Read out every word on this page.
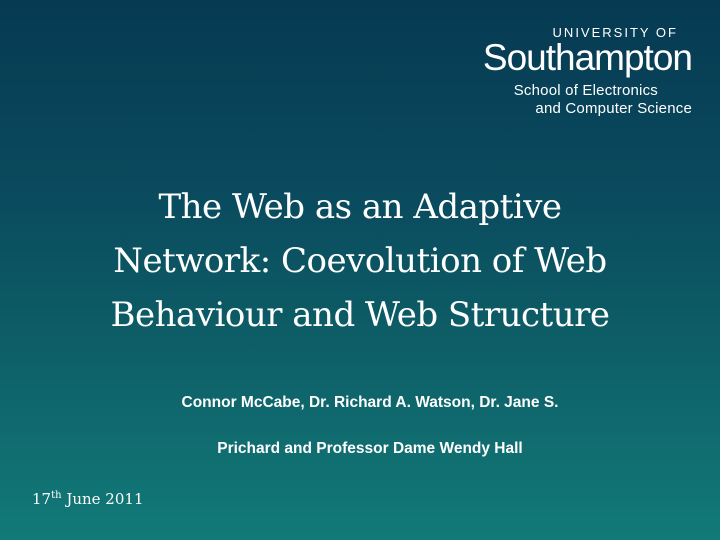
UNIVERSITY OF
Southampton
School of Electronics
and Computer Science
The Web as an Adaptive
Network: Coevolution of Web
Behaviour and Web Structure
Connor McCabe, Dr. Richard A. Watson, Dr. Jane S.
Prichard and Professor Dame Wendy Hall
17th June 2011
